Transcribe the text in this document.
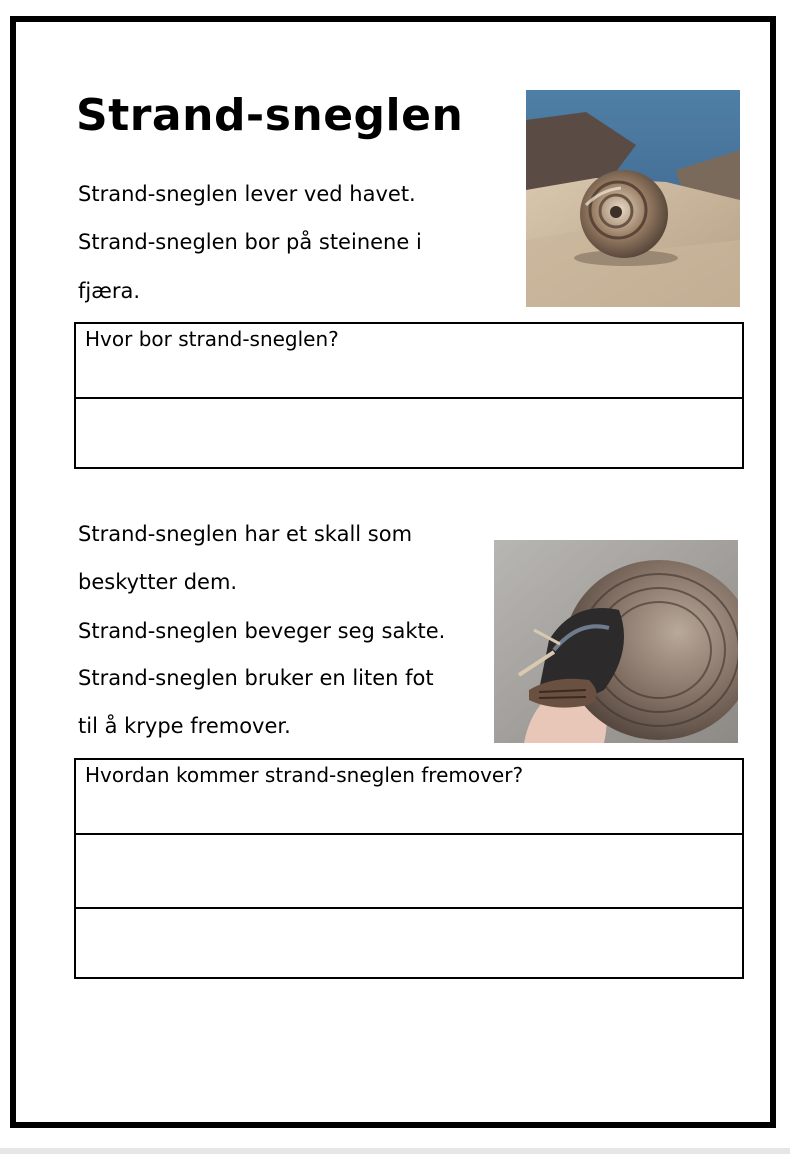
Strand-sneglen
Strand-sneglen lever ved havet.
Strand-sneglen bor på steinene i
fjæra.
Hvor bor strand-sneglen?
Strand-sneglen har et skall som
beskytter dem.
Strand-sneglen beveger seg sakte.
Strand-sneglen bruker en liten fot
til å krype fremover.
Hvordan kommer strand-sneglen fremover?
